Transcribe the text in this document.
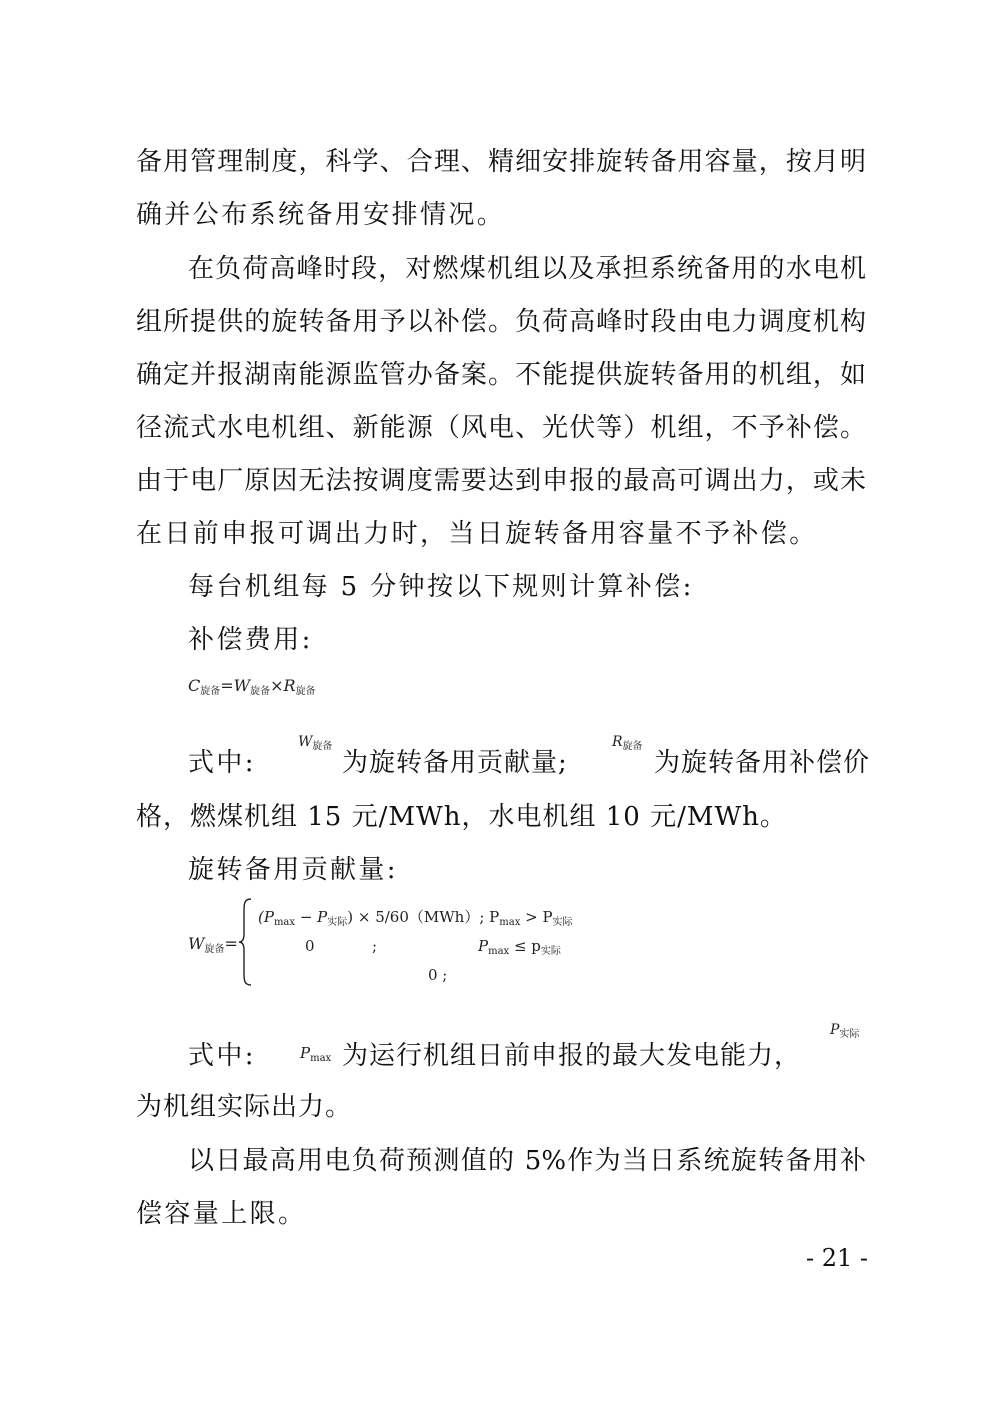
备用管理制度，科学、合理、精细安排旋转备用容量，按月明
确并公布系统备用安排情况。
在负荷高峰时段，对燃煤机组以及承担系统备用的水电机
组所提供的旋转备用予以补偿。负荷高峰时段由电力调度机构
确定并报湖南能源监管办备案。不能提供旋转备用的机组，如
径流式水电机组、新能源（风电、光伏等）机组，不予补偿。
由于电厂原因无法按调度需要达到申报的最高可调出力，或未
在日前申报可调出力时，当日旋转备用容量不予补偿。
每台机组每 5 分钟按以下规则计算补偿:
补偿费用:
$C_{旋备}=W_{旋备}\times R_{旋备}$
式中:
$W_{旋备}$
为旋转备用贡献量;
$R_{旋备}$
为旋转备用补偿价
格，燃煤机组 15 元/MWh，水电机组 10 元/MWh。
旋转备用贡献量:
$W_{旋备}=$
$(P_{max} - P_{实际}) \times 5/60(MWh)$; $P_{max} > P_{实际}$
0	;	$P_{max} \le p_{实际}$
0 ;
式中:	$P_{max}$ 为运行机组日前申报的最大发电能力，
$P_{实际}$
为机组实际出力。
以日最高用电负荷预测值的 5%作为当日系统旋转备用补
偿容量上限。
- 21 -
